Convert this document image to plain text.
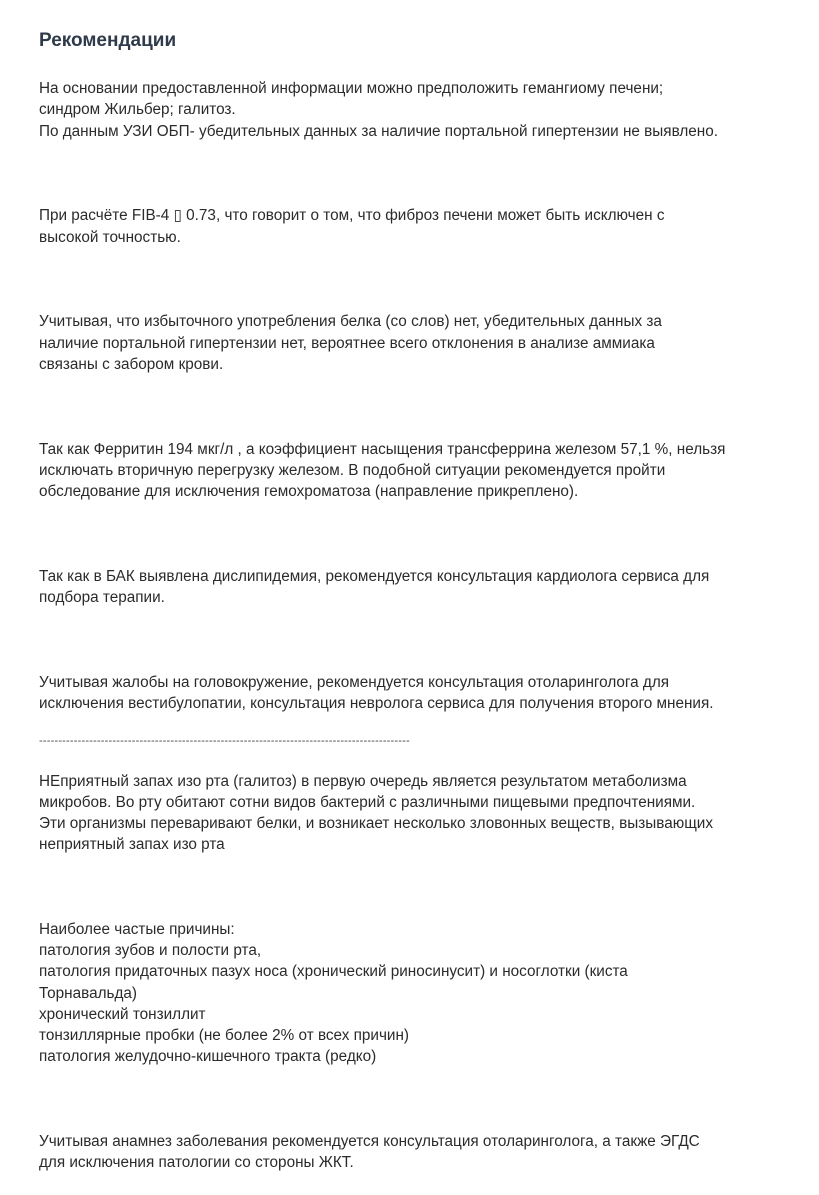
Рекомендации

На основании предоставленной информации можно предположить гемангиому печени;
синдром Жильбер; галитоз.
По данным УЗИ ОБП- убедительных данных за наличие портальной гипертензии не выявлено.

При расчёте FIB-4 ▯ 0.73, что говорит о том, что фиброз печени может быть исключен с
высокой точностью.

Учитывая, что избыточного употребления белка (со слов) нет, убедительных данных за
наличие портальной гипертензии нет, вероятнее всего отклонения в анализе аммиака
связаны с забором крови.

Так как Ферритин 194 мкг/л , а коэффициент насыщения трансферрина железом 57,1 %, нельзя
исключать вторичную перегрузку железом. В подобной ситуации рекомендуется пройти
обследование для исключения гемохроматоза (направление прикреплено).

Так как в БАК выявлена дислипидемия, рекомендуется консультация кардиолога сервиса для
подбора терапии.

Учитывая жалобы на головокружение, рекомендуется консультация отоларинголога для
исключения вестибулопатии, консультация невролога сервиса для получения второго мнения.

------------------------------------------------------------------------------------------------

НЕприятный запах изо рта (галитоз) в первую очередь является результатом метаболизма
микробов. Во рту обитают сотни видов бактерий с различными пищевыми предпочтениями.
Эти организмы переваривают белки, и возникает несколько зловонных веществ, вызывающих
неприятный запах изо рта

Наиболее частые причины:
патология зубов и полости рта,
патология придаточных пазух носа (хронический риносинусит) и носоглотки (киста
Торнавальда)
хронический тонзиллит
тонзиллярные пробки (не более 2% от всех причин)
патология желудочно-кишечного тракта (редко)

Учитывая анамнез заболевания рекомендуется консультация отоларинголога, а также ЭГДС
для исключения патологии со стороны ЖКТ.
